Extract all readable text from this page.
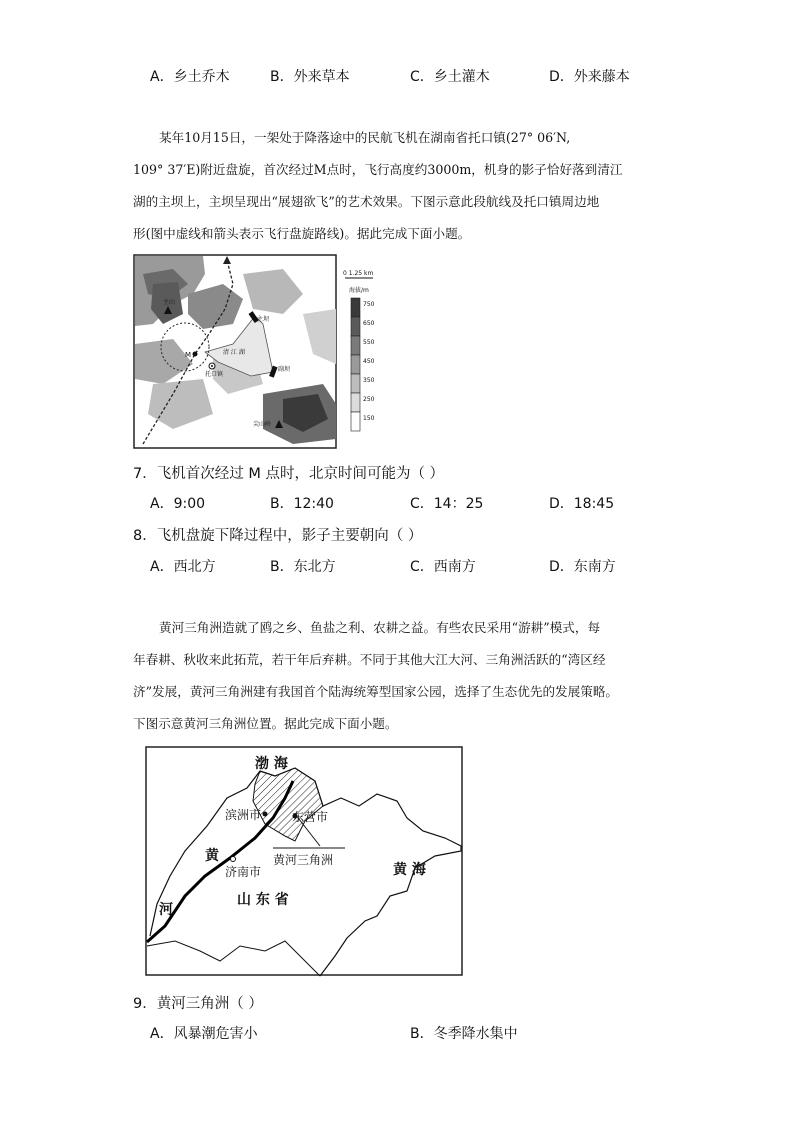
A．乡土乔木	B．外来草本	C．乡土灌木	D．外来藤本
某年10月15日，一架处于降落途中的民航飞机在湖南省托口镇(27° 06′N,
109° 37′E)附近盘旋，首次经过M点时，飞行高度约3000m，机身的影子恰好落到清江
湖的主坝上，主坝呈现出“展翅欲飞”的艺术效果。下图示意此段航线及托口镇周边地
形(图中虚线和箭头表示飞行盘旋路线)。据此完成下面小题。
主坝
副坝
清 江 湖
托口镇
M
主山
尖山岭
0 1.25 km
海拔/m
750
650
550
450
350
250
150
7．飞机首次经过 M 点时，北京时间可能为（ ）
A．9:00	B．12:40	C．14：25	D．18:45
8．飞机盘旋下降过程中，影子主要朝向（ ）
A．西北方	B．东北方	C．西南方	D．东南方
黄河三角洲造就了鸥之乡、鱼盐之利、农耕之益。有些农民采用“游耕”模式，每
年春耕、秋收来此拓荒，若干年后弃耕。不同于其他大江大河、三角洲活跃的“湾区经
济”发展，黄河三角洲建有我国首个陆海统筹型国家公园，选择了生态优先的发展策略。
下图示意黄河三角洲位置。据此完成下面小题。
渤 海
滨洲市	东营市
黄河三角洲
黄
济南市
河
黄 海
山 东 省
9．黄河三角洲（ ）
A．风暴潮危害小	B．冬季降水集中
